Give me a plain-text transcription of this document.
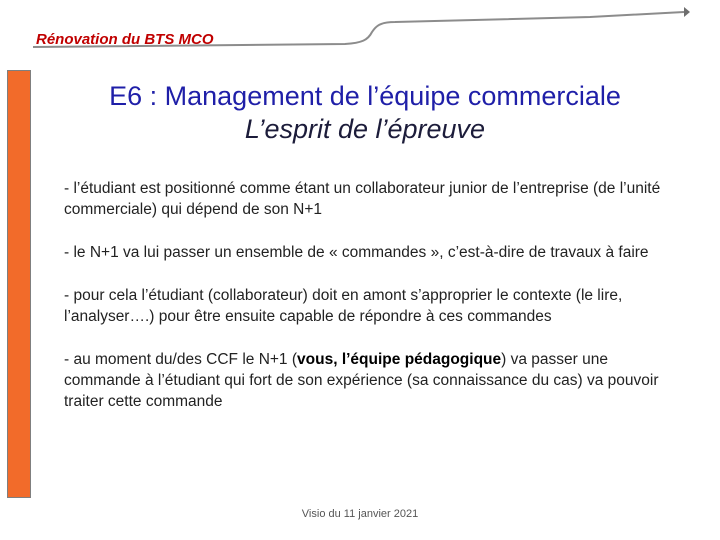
Rénovation du BTS MCO
E6 : Management de l’équipe commerciale
L’esprit de l’épreuve

- l’étudiant est positionné comme étant un collaborateur junior de l’entreprise (de l’unité commerciale) qui dépend de son N+1

- le N+1 va lui passer un ensemble de « commandes », c’est-à-dire de travaux à faire

- pour cela l’étudiant (collaborateur) doit en amont s’approprier le contexte (le lire, l’analyser….) pour être ensuite capable de répondre à ces commandes

- au moment du/des CCF le N+1 (vous, l’équipe pédagogique) va passer une commande à l’étudiant qui fort de son expérience (sa connaissance du cas) va pouvoir traiter cette commande

Visio du 11 janvier 2021
